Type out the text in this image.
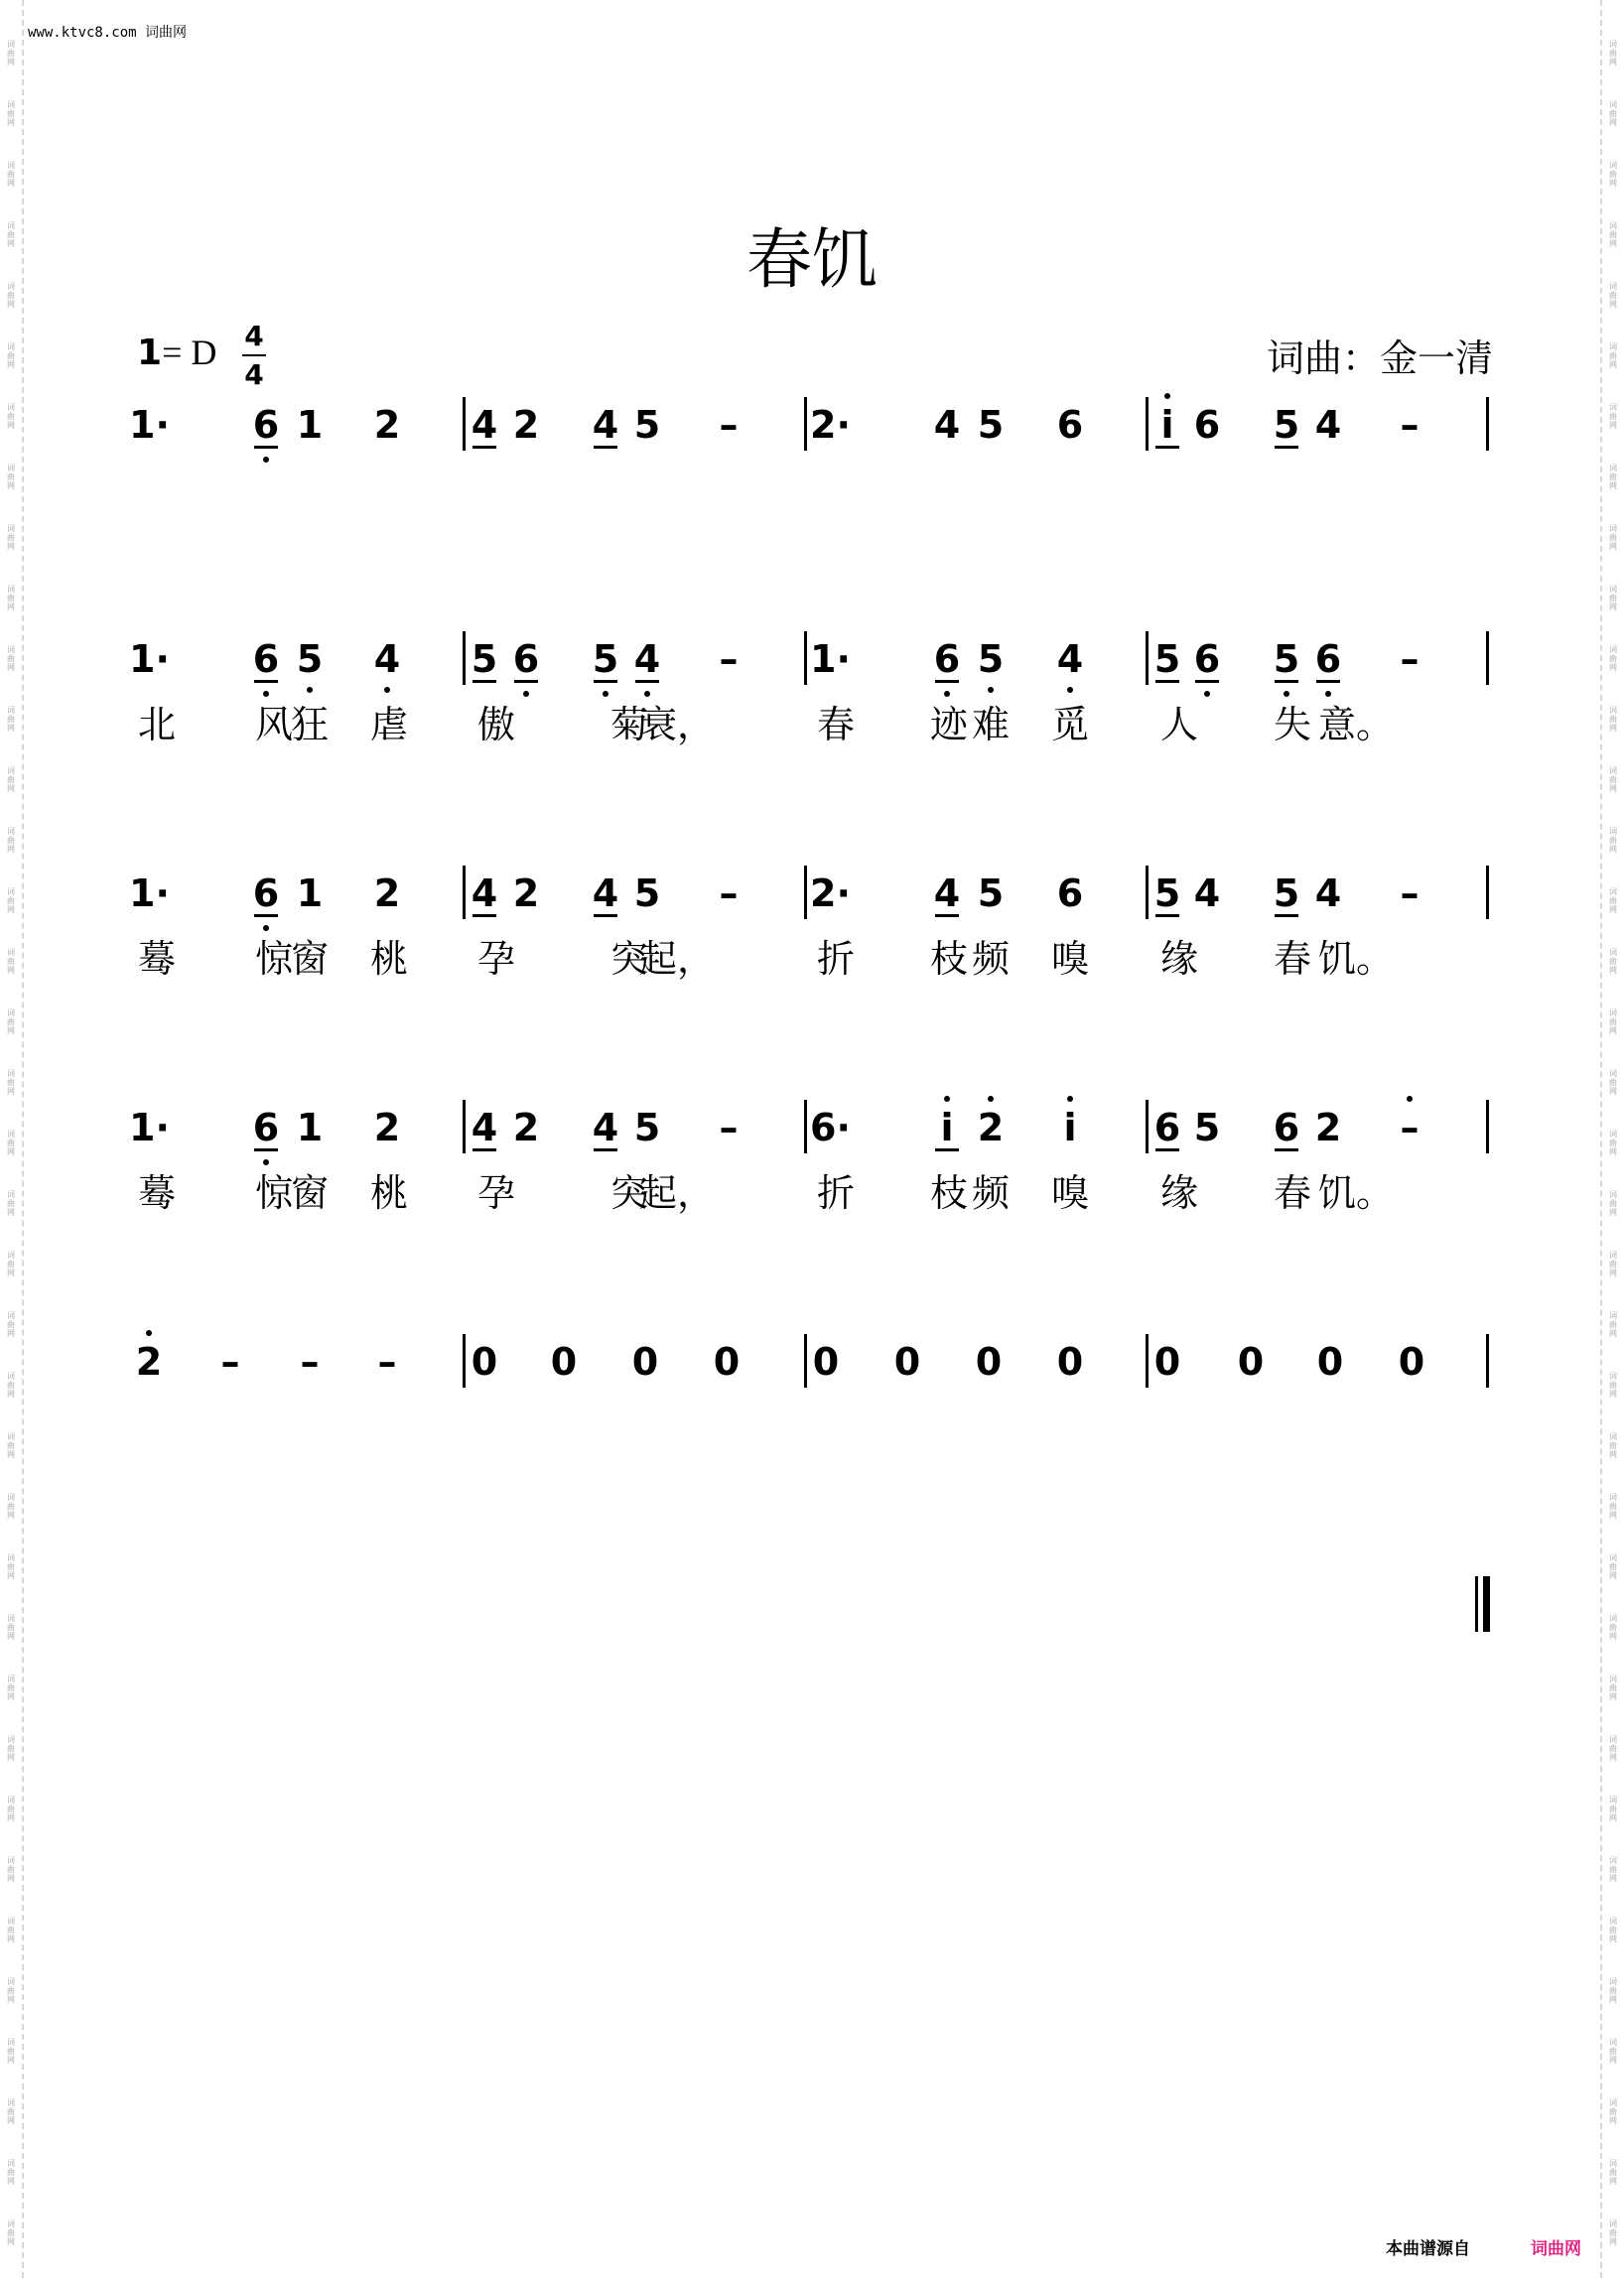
www.ktvc8.com 词曲网
春饥
1= D 4
4	词曲：金一清
1· 6 1 2 4 2 4 5 – 2· 4 5 6	i 6 5 4 –
1· 6 5 4 5 6 5 4 – 1· 6 5 4 5 6 5 6 –
北 风
狂 虐 傲	菊
衰，	春 迹 难 觅 人 失 意。
1· 6 1 2 4 2 4 5 – 2· 4 5 6 5 4 5 4 –
蓦 惊
窗 桃 孕	突
起，	折 枝 频 嗅 缘 春 饥。
1· 6 1 2 4 2 4 5 – 6·	i 2	i	6 5 6 2 –
蓦 惊
窗 桃 孕	突
起，	折 枝 频 嗅 缘 春 饥。
2 – – – 0 0 0 0 0 0 0 0 0 0 0 0
本曲谱源自	词曲网
词
曲
网
词
曲
网
词
曲
网
词
曲
网
词
曲
网
词
曲
网
词
曲
网
词
曲
网
词
曲
网
词
曲
网
词
曲
网
词
曲
网
词
曲
网
词
曲
网
词
曲
网
词
曲
网
词
曲
网
词
曲
网
词
曲
网
词
曲
网
词
曲
网
词
曲
网
词
曲
网
词
曲
网
词
曲
网
词
曲
网
词
曲
网
词
曲
网
词
曲
网
词
曲
网
词
曲
网
词
曲
网
词
曲
网
词
曲
网
词
曲
网
词
曲
网
词
曲
网
词
曲
网
词
曲
网
词
曲
网
词
曲
网
词
曲
网
词
曲
网
词
曲
网
词
曲
网
词
曲
网
词
曲
网
词
曲
网
词
曲
网
词
曲
网
词
曲
网
词
曲
网
词
曲
网
词
曲
网
词
曲
网
词
曲
网
词
曲
网
词
曲
网
词
曲
网
词
曲
网
词
曲
网
词
曲
网
词
曲
网
词
曲
网
词
曲
网
词
曲
网
词
曲
网
词
曲
网
词
曲
网
词
曲
网
词
曲
网
词
曲
网
词
曲
网
词
曲
网
